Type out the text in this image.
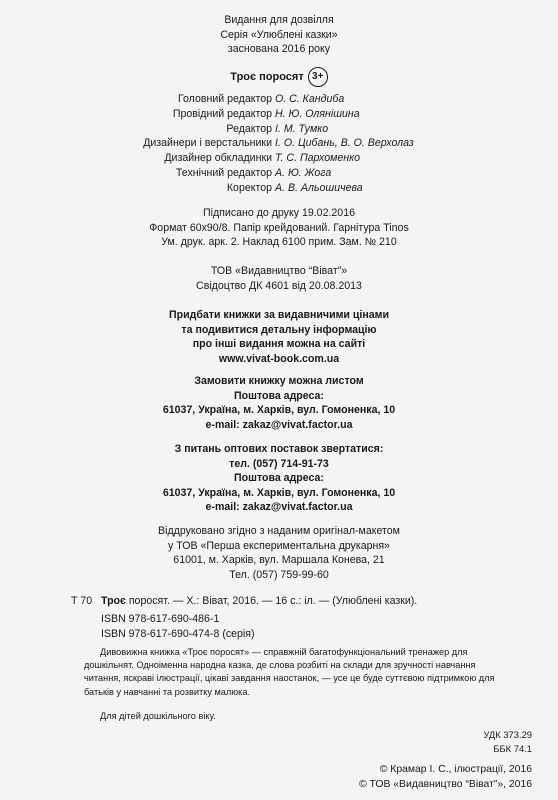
Видання для дозвілля
Серія «Улюблені казки»
заснована 2016 року
Троє поросят 3+
Головний редактор О. С. Кандиба
Провідний редактор Н. Ю. Олянішина
Редактор І. М. Тумко
Дизайнери і верстальники І. О. Цибань, В. О. Верхолаз
Дизайнер обкладинки Т. С. Пархоменко
Технічний редактор А. Ю. Жога
Коректор А. В. Альошичева
Підписано до друку 19.02.2016
Формат 60х90/8. Папір крейдований. Гарнітура Tinos
Ум. друк. арк. 2. Наклад 6100 прим. Зам. № 210
ТОВ «Видавництво “Віват”»
Свідоцтво ДК 4601 від 20.08.2013
Придбати книжки за видавничими цінами
та подивитися детальну інформацію
про інші видання можна на сайті
www.vivat-book.com.ua
Замовити книжку можна листом
Поштова адреса:
61037, Україна, м. Харків, вул. Гомоненка, 10
e-mail: zakaz@vivat.factor.ua
З питань оптових поставок звертатися:
тел. (057) 714-91-73
Поштова адреса:
61037, Україна, м. Харків, вул. Гомоненка, 10
e-mail: zakaz@vivat.factor.ua
Віддруковано згідно з наданим оригінал-макетом
у ТОВ «Перша експериментальна друкарня»
61001, м. Харків, вул. Маршала Конева, 21
Тел. (057) 759-99-60
Т 70 Троє поросят. — Х.: Віват, 2016. — 16 с.: іл. — (Улюблені казки).
ISBN 978-617-690-486-1
ISBN 978-617-690-474-8 (серія)

Дивовижна книжка «Троє поросят» — справжній багатофункціональний тренажер для дошкільнят. Одноіменна народна казка, де слова розбиті на склади для зручності навчання читання, яскраві ілюстрації, цікаві завдання наостанок, — усе це буде суттєвою підтримкою для батьків у навчанні та розвитку малюка.

Для дітей дошкільного віку.

УДК 373.29
ББК 74.1
© Крамар І. С., ілюстрації, 2016
© ТОВ «Видавництво “Віват”», 2016
